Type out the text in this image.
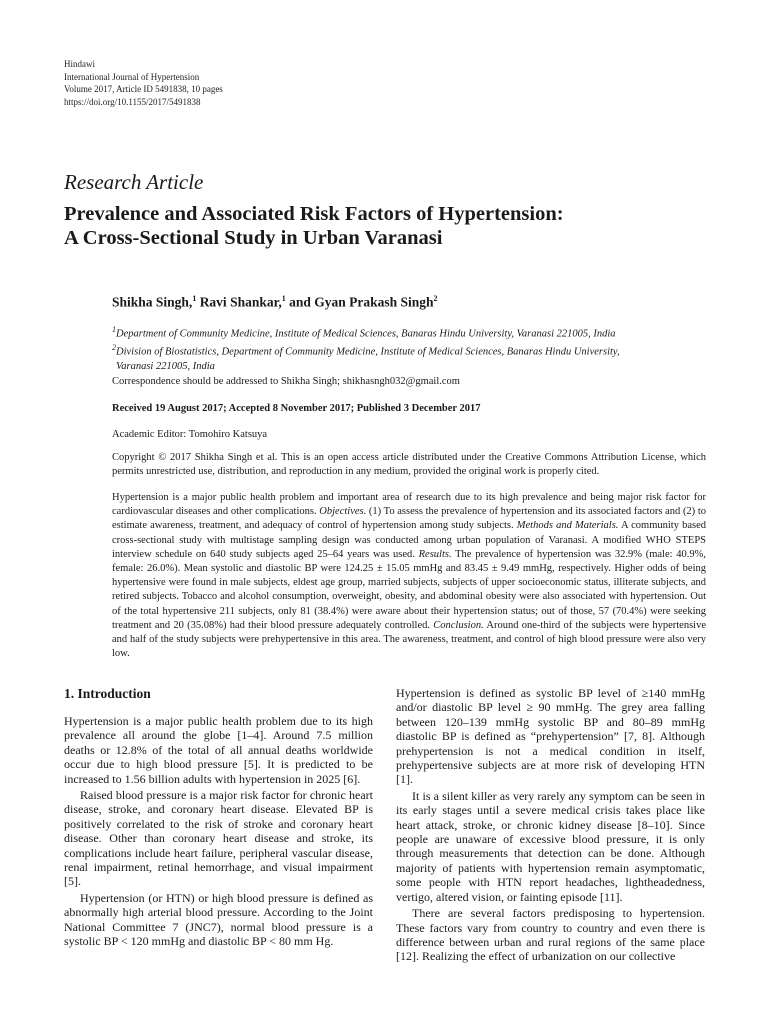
Hindawi
International Journal of Hypertension
Volume 2017, Article ID 5491838, 10 pages
https://doi.org/10.1155/2017/5491838
Research Article
Prevalence and Associated Risk Factors of Hypertension:
A Cross-Sectional Study in Urban Varanasi
Shikha Singh,$^1$ Ravi Shankar,$^1$ and Gyan Prakash Singh$^2$
$^1$Department of Community Medicine, Institute of Medical Sciences, Banaras Hindu University, Varanasi 221005, India
$^2$Division of Biostatistics, Department of Community Medicine, Institute of Medical Sciences, Banaras Hindu University,
Varanasi 221005, India
Correspondence should be addressed to Shikha Singh; shikhasngh032@gmail.com
Received 19 August 2017; Accepted 8 November 2017; Published 3 December 2017
Academic Editor: Tomohiro Katsuya
Copyright © 2017 Shikha Singh et al. This is an open access article distributed under the Creative Commons Attribution License, which permits unrestricted use, distribution, and reproduction in any medium, provided the original work is properly cited.
Hypertension is a major public health problem and important area of research due to its high prevalence and being major risk factor for cardiovascular diseases and other complications. Objectives. (1) To assess the prevalence of hypertension and its associated factors and (2) to estimate awareness, treatment, and adequacy of control of hypertension among study subjects. Methods and Materials. A community based cross-sectional study with multistage sampling design was conducted among urban population of Varanasi. A modified WHO STEPS interview schedule on 640 study subjects aged 25–64 years was used. Results. The prevalence of hypertension was 32.9% (male: 40.9%, female: 26.0%). Mean systolic and diastolic BP were 124.25 ± 15.05 mmHg and 83.45 ± 9.49 mmHg, respectively. Higher odds of being hypertensive were found in male subjects, eldest age group, married subjects, subjects of upper socioeconomic status, illiterate subjects, and retired subjects. Tobacco and alcohol consumption, overweight, obesity, and abdominal obesity were also associated with hypertension. Out of the total hypertensive 211 subjects, only 81 (38.4%) were aware about their hypertension status; out of those, 57 (70.4%) were seeking treatment and 20 (35.08%) had their blood pressure adequately controlled. Conclusion. Around one-third of the subjects were hypertensive and half of the study subjects were prehypertensive in this area. The awareness, treatment, and control of high blood pressure were also very low.
1. Introduction

Hypertension is a major public health problem due to its high prevalence all around the globe [1–4]. Around 7.5 million deaths or 12.8% of the total of all annual deaths worldwide occur due to high blood pressure [5]. It is predicted to be increased to 1.56 billion adults with hypertension in 2025 [6].

Raised blood pressure is a major risk factor for chronic heart disease, stroke, and coronary heart disease. Elevated BP is positively correlated to the risk of stroke and coronary heart disease. Other than coronary heart disease and stroke, its complications include heart failure, peripheral vascular disease, renal impairment, retinal hemorrhage, and visual impairment [5].

Hypertension (or HTN) or high blood pressure is defined as abnormally high arterial blood pressure. According to the Joint National Committee 7 (JNC7), normal blood pressure is a systolic BP < 120 mmHg and diastolic BP < 80 mm Hg.

Hypertension is defined as systolic BP level of ≥140 mmHg and/or diastolic BP level ≥ 90 mmHg. The grey area falling between 120–139 mmHg systolic BP and 80–89 mmHg diastolic BP is defined as “prehypertension” [7, 8]. Although prehypertension is not a medical condition in itself, prehypertensive subjects are at more risk of developing HTN [1].

It is a silent killer as very rarely any symptom can be seen in its early stages until a severe medical crisis takes place like heart attack, stroke, or chronic kidney disease [8–10]. Since people are unaware of excessive blood pressure, it is only through measurements that detection can be done. Although majority of patients with hypertension remain asymptomatic, some people with HTN report headaches, lightheadedness, vertigo, altered vision, or fainting episode [11].

There are several factors predisposing to hypertension. These factors vary from country to country and even there is difference between urban and rural regions of the same place [12]. Realizing the effect of urbanization on our collective
